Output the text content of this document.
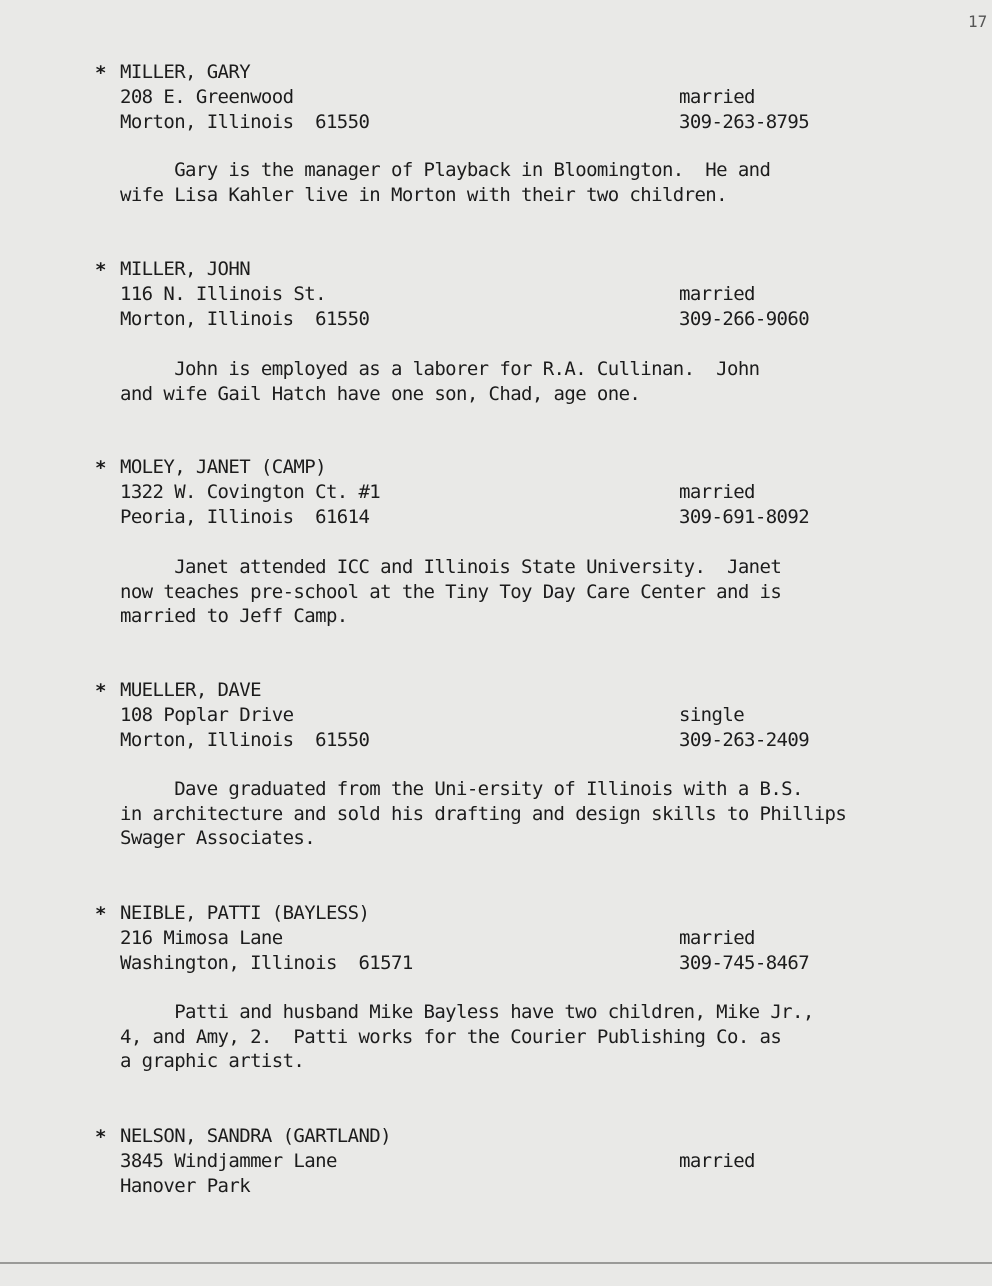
17
* MILLER, GARY
208 E. Greenwood
Morton, Illinois  61550
married
309-263-8795
Gary is the manager of Playback in Bloomington.  He and
wife Lisa Kahler live in Morton with their two children.
* MILLER, JOHN
116 N. Illinois St.
Morton, Illinois  61550
married
309-266-9060
John is employed as a laborer for R.A. Cullinan.  John
and wife Gail Hatch have one son, Chad, age one.
* MOLEY, JANET (CAMP)
1322 W. Covington Ct. #1
Peoria, Illinois  61614
married
309-691-8092
Janet attended ICC and Illinois State University.  Janet
now teaches pre-school at the Tiny Toy Day Care Center and is
married to Jeff Camp.
* MUELLER, DAVE
108 Poplar Drive
Morton, Illinois  61550
single
309-263-2409
Dave graduated from the Uni-ersity of Illinois with a B.S.
in architecture and sold his drafting and design skills to Phillips
Swager Associates.
* NEIBLE, PATTI (BAYLESS)
216 Mimosa Lane
Washington, Illinois  61571
married
309-745-8467
Patti and husband Mike Bayless have two children, Mike Jr.,
4, and Amy, 2.  Patti works for the Courier Publishing Co. as
a graphic artist.
* NELSON, SANDRA (GARTLAND)
3845 Windjammer Lane
Hanover Park
married
